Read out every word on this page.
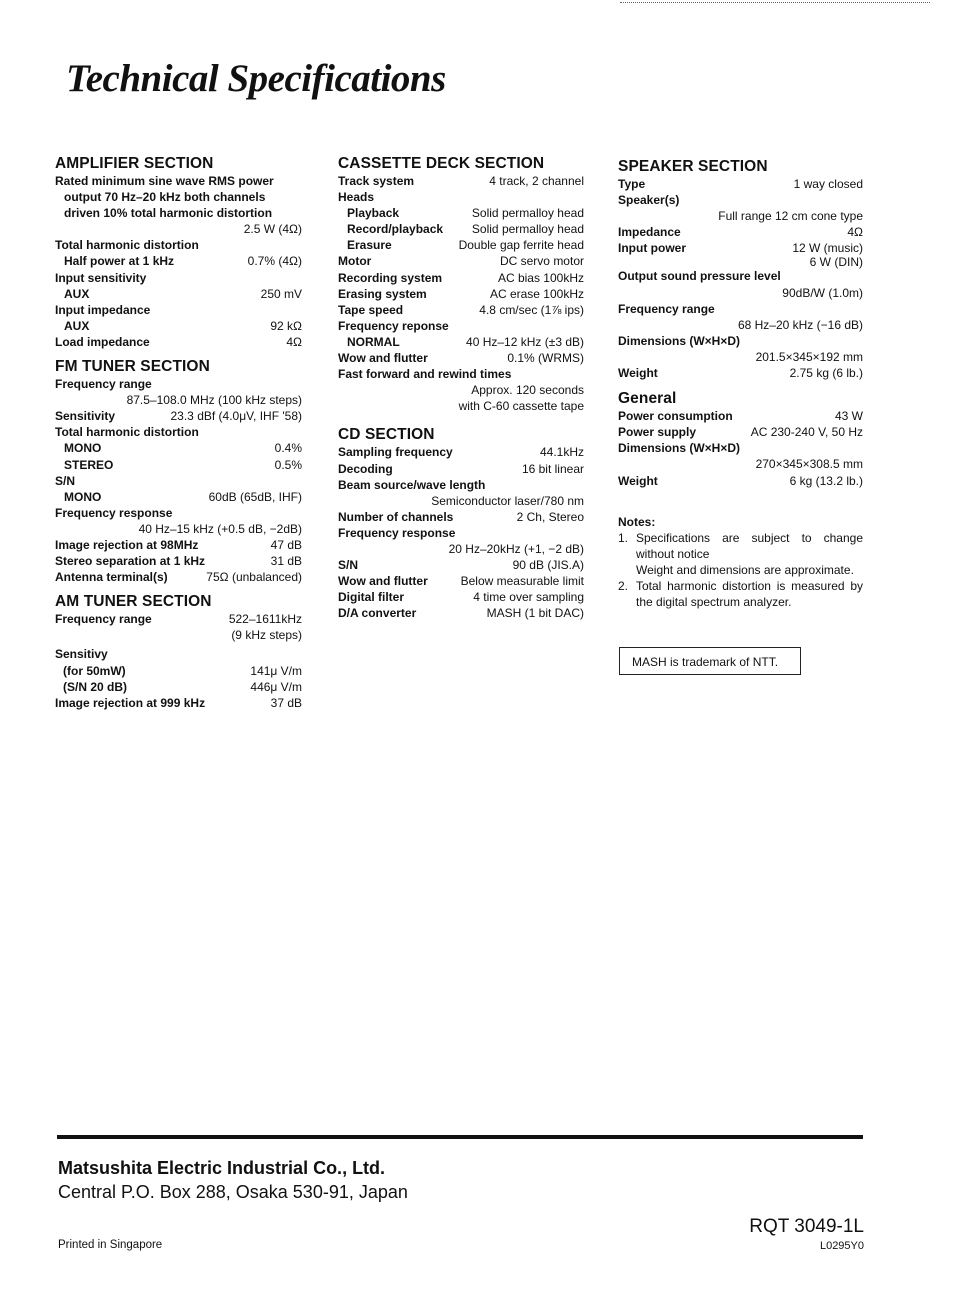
Technical Specifications
AMPLIFIER SECTION
Rated minimum sine wave RMS power
output 70 Hz–20 kHz both channels
driven 10% total harmonic distortion
2.5 W (4Ω)
Total harmonic distortion
Half power at 1 kHz	0.7% (4Ω)
Input sensitivity
AUX	250 mV
Input impedance
AUX	92 kΩ
Load impedance	4Ω
FM TUNER SECTION
Frequency range
87.5–108.0 MHz (100 kHz steps)
Sensitivity	23.3 dBf (4.0μV, IHF '58)
Total harmonic distortion
MONO	0.4%
STEREO	0.5%
S/N
MONO	60dB (65dB, IHF)
Frequency response
40 Hz–15 kHz (+0.5 dB, −2dB)
Image rejection at 98MHz	47 dB
Stereo separation at 1 kHz	31 dB
Antenna terminal(s)	75Ω (unbalanced)
AM TUNER SECTION
Frequency range	522–1611kHz
(9 kHz steps)
Sensitivy
(for 50mW)	141μ V/m
(S/N 20 dB)	446μ V/m
Image rejection at 999 kHz	37 dB
CASSETTE DECK SECTION
Track system	4 track, 2 channel
Heads
Playback	Solid permalloy head
Record/playback Solid permalloy head
Erasure	Double gap ferrite head
Motor	DC servo motor
Recording system	AC bias 100kHz
Erasing system	AC erase 100kHz
Tape speed	4.8 cm/sec (1⅞ ips)
Frequency reponse
NORMAL	40 Hz–12 kHz (±3 dB)
Wow and flutter	0.1% (WRMS)
Fast forward and rewind times
Approx. 120 seconds
with C-60 cassette tape
CD SECTION
Sampling frequency	44.1kHz
Decoding	16 bit linear
Beam source/wave length
Semiconductor laser/780 nm
Number of channels	2 Ch, Stereo
Frequency response
20 Hz–20kHz (+1, −2 dB)
S/N	90 dB (JIS.A)
Wow and flutter	Below measurable limit
Digital filter	4 time over sampling
D/A converter	MASH (1 bit DAC)
SPEAKER SECTION
Type	1 way closed
Speaker(s)
Full range 12 cm cone type
Impedance	4Ω
Input power	12 W (music)
6 W (DIN)
Output sound pressure level
90dB/W (1.0m)
Frequency range
68 Hz–20 kHz (−16 dB)
Dimensions (W×H×D)
201.5×345×192 mm
Weight	2.75 kg (6 lb.)
General
Power consumption	43 W
Power supply	AC 230-240 V, 50 Hz
Dimensions (W×H×D)
270×345×308.5 mm
Weight	6 kg (13.2 lb.)
Notes:
1. Specifications are subject to change without notice
Weight and dimensions are approximate.
2. Total harmonic distortion is measured by the digital spectrum analyzer.
MASH is trademark of NTT.
Matsushita Electric Industrial Co., Ltd.

Central P.O. Box 288, Osaka 530-91, Japan

RQT 3049-1L
Printed in Singapore	L0295Y0
